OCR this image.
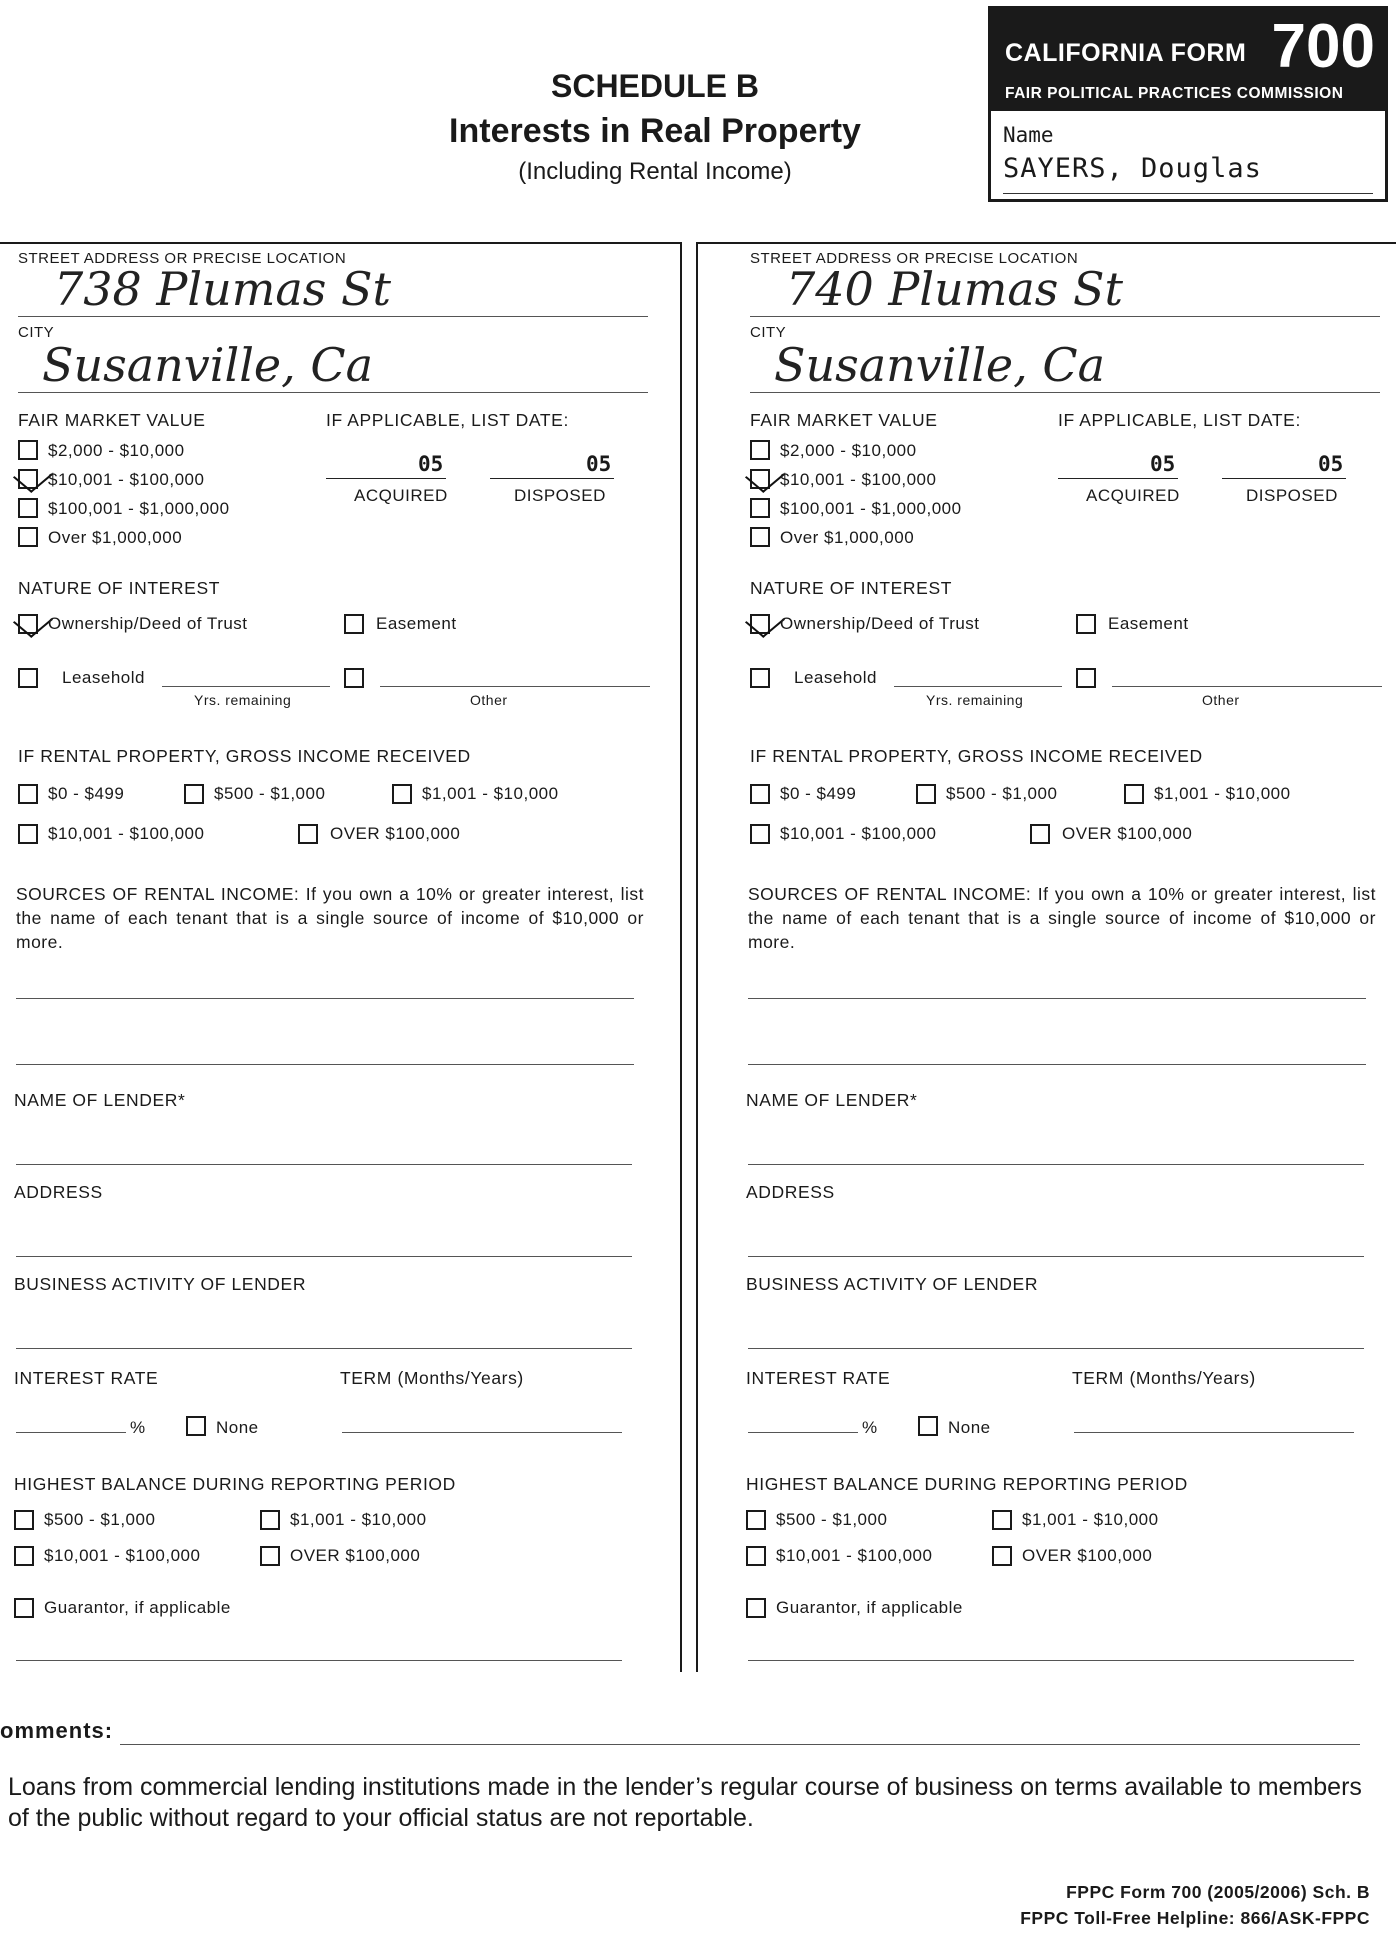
SCHEDULE B
Interests in Real Property
(Including Rental Income)
CALIFORNIA FORM 700
FAIR POLITICAL PRACTICES COMMISSION
Name
SAYERS, Douglas
STREET ADDRESS OR PRECISE LOCATION
738 Plumas St
CITY
Susanville, Ca
FAIR MARKET VALUE	IF APPLICABLE, LIST DATE:
$2,000 - $10,000
$10,001 - $100,000
$100,001 - $1,000,000
Over $1,000,000
05
ACQUIRED
05
DISPOSED
NATURE OF INTEREST
Ownership/Deed of Trust	Easement
Leasehold
Yrs. remaining	Other
IF RENTAL PROPERTY, GROSS INCOME RECEIVED
$0 - $499	$500 - $1,000	$1,001 - $10,000
$10,001 - $100,000	OVER $100,000
SOURCES OF RENTAL INCOME: If you own a 10% or greater interest, list the name of each tenant that is a single source of income of $10,000 or more.
NAME OF LENDER*
ADDRESS
BUSINESS ACTIVITY OF LENDER
INTEREST RATE	TERM (Months/Years)
%	None
HIGHEST BALANCE DURING REPORTING PERIOD
$500 - $1,000	$1,001 - $10,000
$10,001 - $100,000	OVER $100,000
Guarantor, if applicable
STREET ADDRESS OR PRECISE LOCATION
740 Plumas St
CITY
Susanville, Ca
FAIR MARKET VALUE	IF APPLICABLE, LIST DATE:
$2,000 - $10,000
$10,001 - $100,000
$100,001 - $1,000,000
Over $1,000,000
05
ACQUIRED
05
DISPOSED
NATURE OF INTEREST
Ownership/Deed of Trust	Easement
Leasehold
Yrs. remaining	Other
IF RENTAL PROPERTY, GROSS INCOME RECEIVED
$0 - $499	$500 - $1,000	$1,001 - $10,000
$10,001 - $100,000	OVER $100,000
SOURCES OF RENTAL INCOME: If you own a 10% or greater interest, list the name of each tenant that is a single source of income of $10,000 or more.
NAME OF LENDER*
ADDRESS
BUSINESS ACTIVITY OF LENDER
INTEREST RATE	TERM (Months/Years)
%	None
HIGHEST BALANCE DURING REPORTING PERIOD
$500 - $1,000	$1,001 - $10,000
$10,001 - $100,000	OVER $100,000
Guarantor, if applicable
omments:
Loans from commercial lending institutions made in the lender’s regular course of business on terms available to members of the public without regard to your official status are not reportable.
FPPC Form 700 (2005/2006) Sch. B
FPPC Toll-Free Helpline: 866/ASK-FPPC
